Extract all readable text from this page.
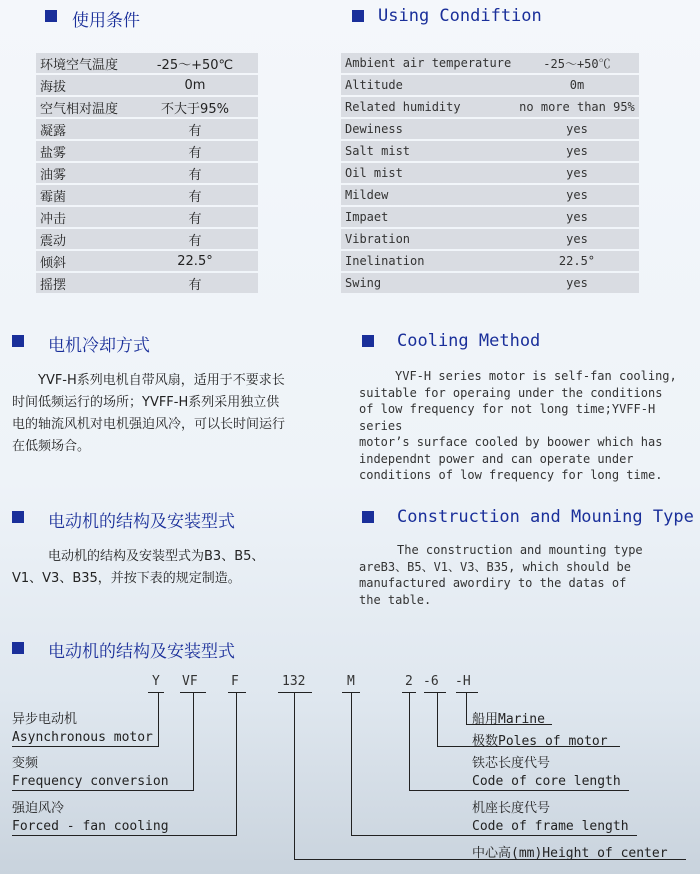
使用条件	Using Condiftion
环境空气温度	-25～+50℃
海拔	0m
空气相对温度	不大于95%
凝露	有
盐雾	有
油雾	有
霉菌	有
冲击	有
震动	有
倾斜	22.5°
摇摆	有
Ambient air temperature	-25～+50℃
Altitude	0m
Related humidity	no more than 95%
Dewiness	yes
Salt mist	yes
Oil mist	yes
Mildew	yes
Impaet	yes
Vibration	yes
Inelination	22.5°
Swing	yes
电机冷却方式	Cooling Method
YVF-H系列电机自带风扇，适用于不要求长
时间低频运行的场所；YVFF-H系列采用独立供
电的轴流风机对电机强迫风冷，可以长时间运行
在低频场合。
YVF-H series motor is self-fan cooling,
suitable for operaing under the conditions
of low frequency for not long time;YVFF-H series
motor’s surface cooled by boower which has
independnt power and can operate under
conditions of low frequency for long time.
电动机的结构及安装型式	Construction and Mouning Type
电动机的结构及安装型式为B3、B5、
V1、V3、B35，并按下表的规定制造。
The construction and mounting type
areB3、B5、V1、V3、B35, which should be
manufactured awordiry to the datas of
the table.
电动机的结构及安装型式
Y VF	F	132	M	2 -6 -H
异步电动机
Asynchronous motor
变频
Frequency conversion
强迫风冷
Forced - fan cooling
船用Marine
极数Poles of motor
铁芯长度代号
Code of core length
机座长度代号
Code of frame length
中心高(mm)Height of center
